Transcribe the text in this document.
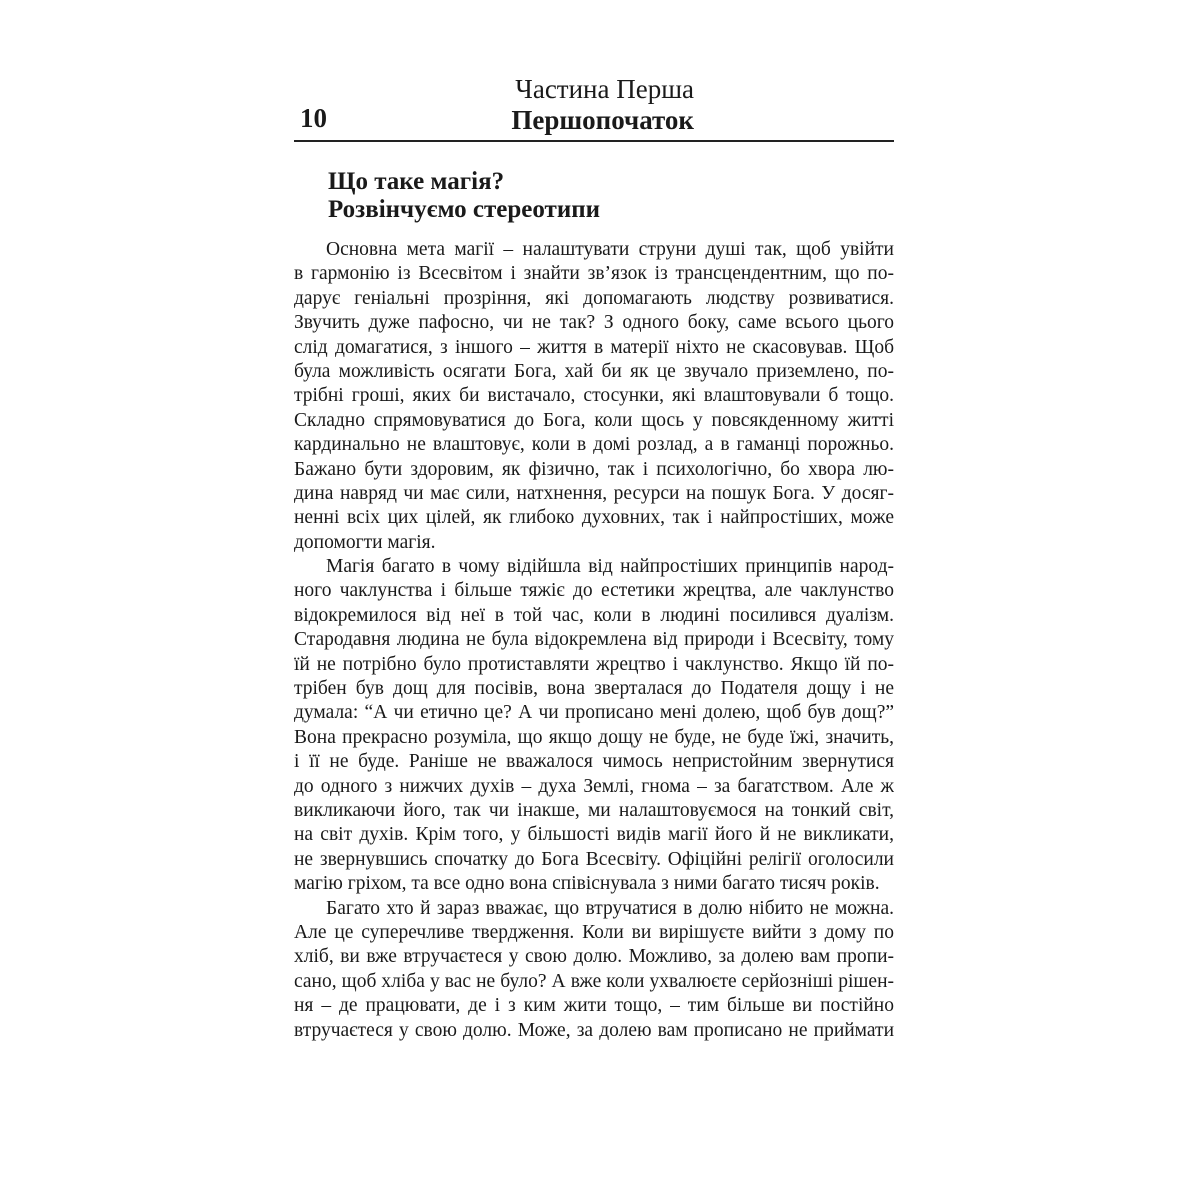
10
Частина Перша
Першопочаток
Що таке магія?
Розвінчуємо стереотипи
Основна мета магії – налаштувати струни душі так, щоб увійти
в гармонію із Всесвітом і знайти зв’язок із трансцендентним, що по-
дарує геніальні прозріння, які допомагають людству розвиватися.
Звучить дуже пафосно, чи не так? З одного боку, саме всього цього
слід домагатися, з іншого – життя в матерії ніхто не скасовував. Щоб
була можливість осягати Бога, хай би як це звучало приземлено, по-
трібні гроші, яких би вистачало, стосунки, які влаштовували б тощо.
Складно спрямовуватися до Бога, коли щось у повсякденному житті
кардинально не влаштовує, коли в домі розлад, а в гаманці порожньо.
Бажано бути здоровим, як фізично, так і психологічно, бо хвора лю-
дина навряд чи має сили, натхнення, ресурси на пошук Бога. У досяг-
ненні всіх цих цілей, як глибоко духовних, так і найпростіших, може
допомогти магія.
Магія багато в чому відійшла від найпростіших принципів народ-
ного чаклунства і більше тяжіє до естетики жрецтва, але чаклунство
відокремилося від неї в той час, коли в людині посилився дуалізм.
Стародавня людина не була відокремлена від природи і Всесвіту, тому
їй не потрібно було протиставляти жрецтво і чаклунство. Якщо їй по-
трібен був дощ для посівів, вона зверталася до Подателя дощу і не
думала: “А чи етично це? А чи прописано мені долею, щоб був дощ?”
Вона прекрасно розуміла, що якщо дощу не буде, не буде їжі, значить,
і її не буде. Раніше не вважалося чимось непристойним звернутися
до одного з нижчих духів – духа Землі, гнома – за багатством. Але ж
викликаючи його, так чи інакше, ми налаштовуємося на тонкий світ,
на світ духів. Крім того, у більшості видів магії його й не викликати,
не звернувшись спочатку до Бога Всесвіту. Офіційні релігії оголосили
магію гріхом, та все одно вона співіснувала з ними багато тисяч років.
Багато хто й зараз вважає, що втручатися в долю нібито не можна.
Але це суперечливе твердження. Коли ви вирішуєте вийти з дому по
хліб, ви вже втручаєтеся у свою долю. Можливо, за долею вам пропи-
сано, щоб хліба у вас не було? А вже коли ухвалюєте серйозніші рішен-
ня – де працювати, де і з ким жити тощо, – тим більше ви постійно
втручаєтеся у свою долю. Може, за долею вам прописано не приймати
